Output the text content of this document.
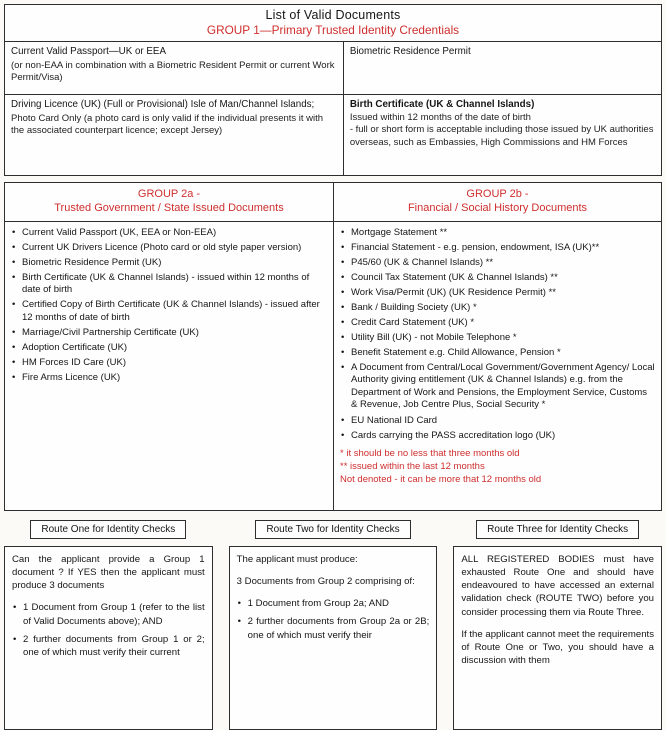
List of Valid Documents
GROUP 1—Primary Trusted Identity Credentials
Current Valid Passport—UK or EEA
(or non-EAA in combination with a Biometric Resident Permit or current Work Permit/Visa)
Biometric Residence Permit
Driving Licence (UK) (Full or Provisional) Isle of Man/Channel Islands;
Photo Card Only (a photo card is only valid if the individual presents it with the associated counterpart licence; except Jersey)
Birth Certificate (UK & Channel Islands)
Issued within 12 months of the date of birth
- full or short form is acceptable including those issued by UK authorities overseas, such as Embassies, High Commissions and HM Forces
GROUP 2a -
Trusted Government / State Issued Documents
GROUP 2b -
Financial / Social History Documents
• Current Valid Passport (UK, EEA or Non-EEA)
• Current UK Drivers Licence (Photo card or old style paper version)
• Biometric Residence Permit (UK)
• Birth Certificate (UK & Channel Islands) - issued within 12 months of date of birth
• Certified Copy of Birth Certificate (UK & Channel Islands) - issued after 12 months of date of birth
• Marriage/Civil Partnership Certificate (UK)
• Adoption Certificate (UK)
• HM Forces ID Care (UK)
• Fire Arms Licence (UK)
• Mortgage Statement **
• Financial Statement - e.g. pension, endowment, ISA (UK)**
• P45/60 (UK & Channel Islands) **
• Council Tax Statement (UK & Channel Islands) **
• Work Visa/Permit (UK) (UK Residence Permit) **
• Bank / Building Society (UK) *
• Credit Card Statement (UK) *
• Utility Bill (UK) - not Mobile Telephone *
• Benefit Statement e.g. Child Allowance, Pension *
• A Document from Central/Local Government/Government Agency/ Local Authority giving entitlement (UK & Channel Islands) e.g. from the Department of Work and Pensions, the Employment Service, Customs & Revenue, Job Centre Plus, Social Security *
• EU National ID Card
• Cards carrying the PASS accreditation logo (UK)
* it should be no less that three months old
** issued within the last 12 months
Not denoted - it can be more that 12 months old
Route One for Identity Checks

Can the applicant provide a Group 1 document ? If YES then the applicant must produce 3 documents

• 1 Document from Group 1 (refer to the list of Valid Documents above); AND
• 2 further documents from Group 1 or 2; one of which must verify their current
Route Two for Identity Checks

The applicant must produce:

3 Documents from Group 2 comprising of:

• 1 Document from Group 2a; AND
• 2 further documents from Group 2a or 2B; one of which must verify their
Route Three for Identity Checks

ALL REGISTERED BODIES must have exhausted Route One and should have endeavoured to have accessed an external validation check (ROUTE TWO) before you consider processing them via Route Three.

If the applicant cannot meet the requirements of Route One or Two, you should have a discussion with them
